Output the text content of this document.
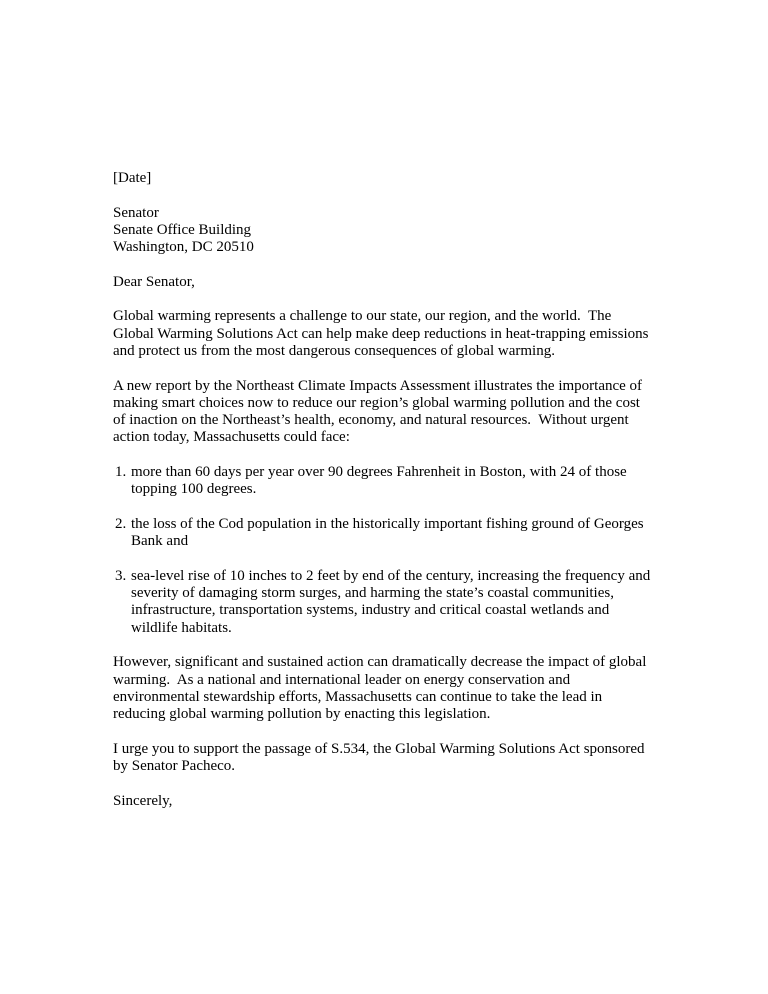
[Date]
Senator
Senate Office Building
Washington, DC 20510
Dear Senator,
Global warming represents a challenge to our state, our region, and the world.  The Global Warming Solutions Act can help make deep reductions in heat-trapping emissions and protect us from the most dangerous consequences of global warming.
A new report by the Northeast Climate Impacts Assessment illustrates the importance of making smart choices now to reduce our region’s global warming pollution and the cost of inaction on the Northeast’s health, economy, and natural resources.  Without urgent action today, Massachusetts could face:
1. more than 60 days per year over 90 degrees Fahrenheit in Boston, with 24 of those topping 100 degrees.
2. the loss of the Cod population in the historically important fishing ground of Georges Bank and
3. sea-level rise of 10 inches to 2 feet by end of the century, increasing the frequency and severity of damaging storm surges, and harming the state’s coastal communities, infrastructure, transportation systems, industry and critical coastal wetlands and wildlife habitats.
However, significant and sustained action can dramatically decrease the impact of global warming.  As a national and international leader on energy conservation and environmental stewardship efforts, Massachusetts can continue to take the lead in reducing global warming pollution by enacting this legislation.
I urge you to support the passage of S.534, the Global Warming Solutions Act sponsored by Senator Pacheco.
Sincerely,
